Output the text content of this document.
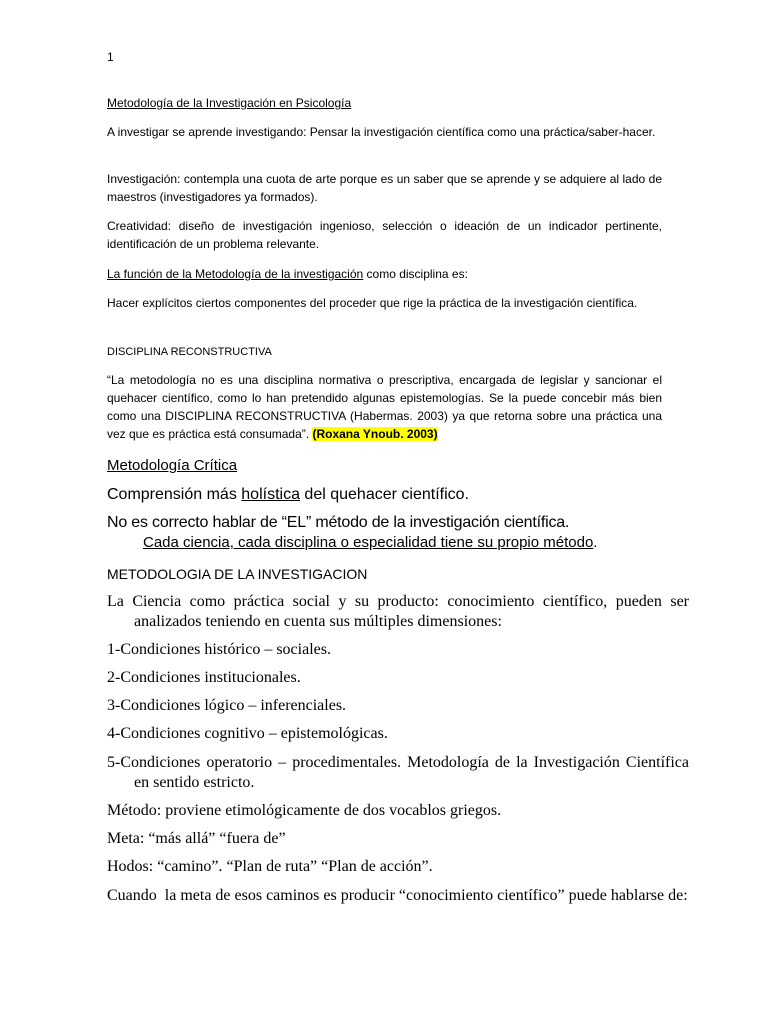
1

Metodología de la Investigación en Psicología

A investigar se aprende investigando: Pensar la investigación científica como una práctica/saber-hacer.

Investigación: contempla una cuota de arte porque es un saber que se aprende y se adquiere al lado de maestros (investigadores ya formados).

Creatividad: diseño de investigación ingenioso, selección o ideación de un indicador pertinente, identificación de un problema relevante.

La función de la Metodología de la investigación como disciplina es:

Hacer explícitos ciertos componentes del proceder que rige la práctica de la investigación científica.

DISCIPLINA RECONSTRUCTIVA

“La metodología no es una disciplina normativa o prescriptiva, encargada de legislar y sancionar el quehacer científico, como lo han pretendido algunas epistemologías. Se la puede concebir más bien como una DISCIPLINA RECONSTRUCTIVA (Habermas. 2003) ya que retorna sobre una práctica una vez que es práctica está consumada”. (Roxana Ynoub. 2003)

Metodología Crítica

Comprensión más holística del quehacer científico.

No es correcto hablar de “EL” método de la investigación científica.

Cada ciencia, cada disciplina o especialidad tiene su propio método.

METODOLOGIA DE LA INVESTIGACION

La Ciencia como práctica social y su producto: conocimiento científico, pueden ser analizados teniendo en cuenta sus múltiples dimensiones:

1-Condiciones histórico – sociales.

2-Condiciones institucionales.

3-Condiciones lógico – inferenciales.

4-Condiciones cognitivo – epistemológicas.

5-Condiciones operatorio – procedimentales. Metodología de la Investigación Científica en sentido estricto.

Método: proviene etimológicamente de dos vocablos griegos.

Meta: “más allá” “fuera de”

Hodos: “camino”. “Plan de ruta” “Plan de acción”.

Cuando  la meta de esos caminos es producir “conocimiento científico” puede hablarse de:
